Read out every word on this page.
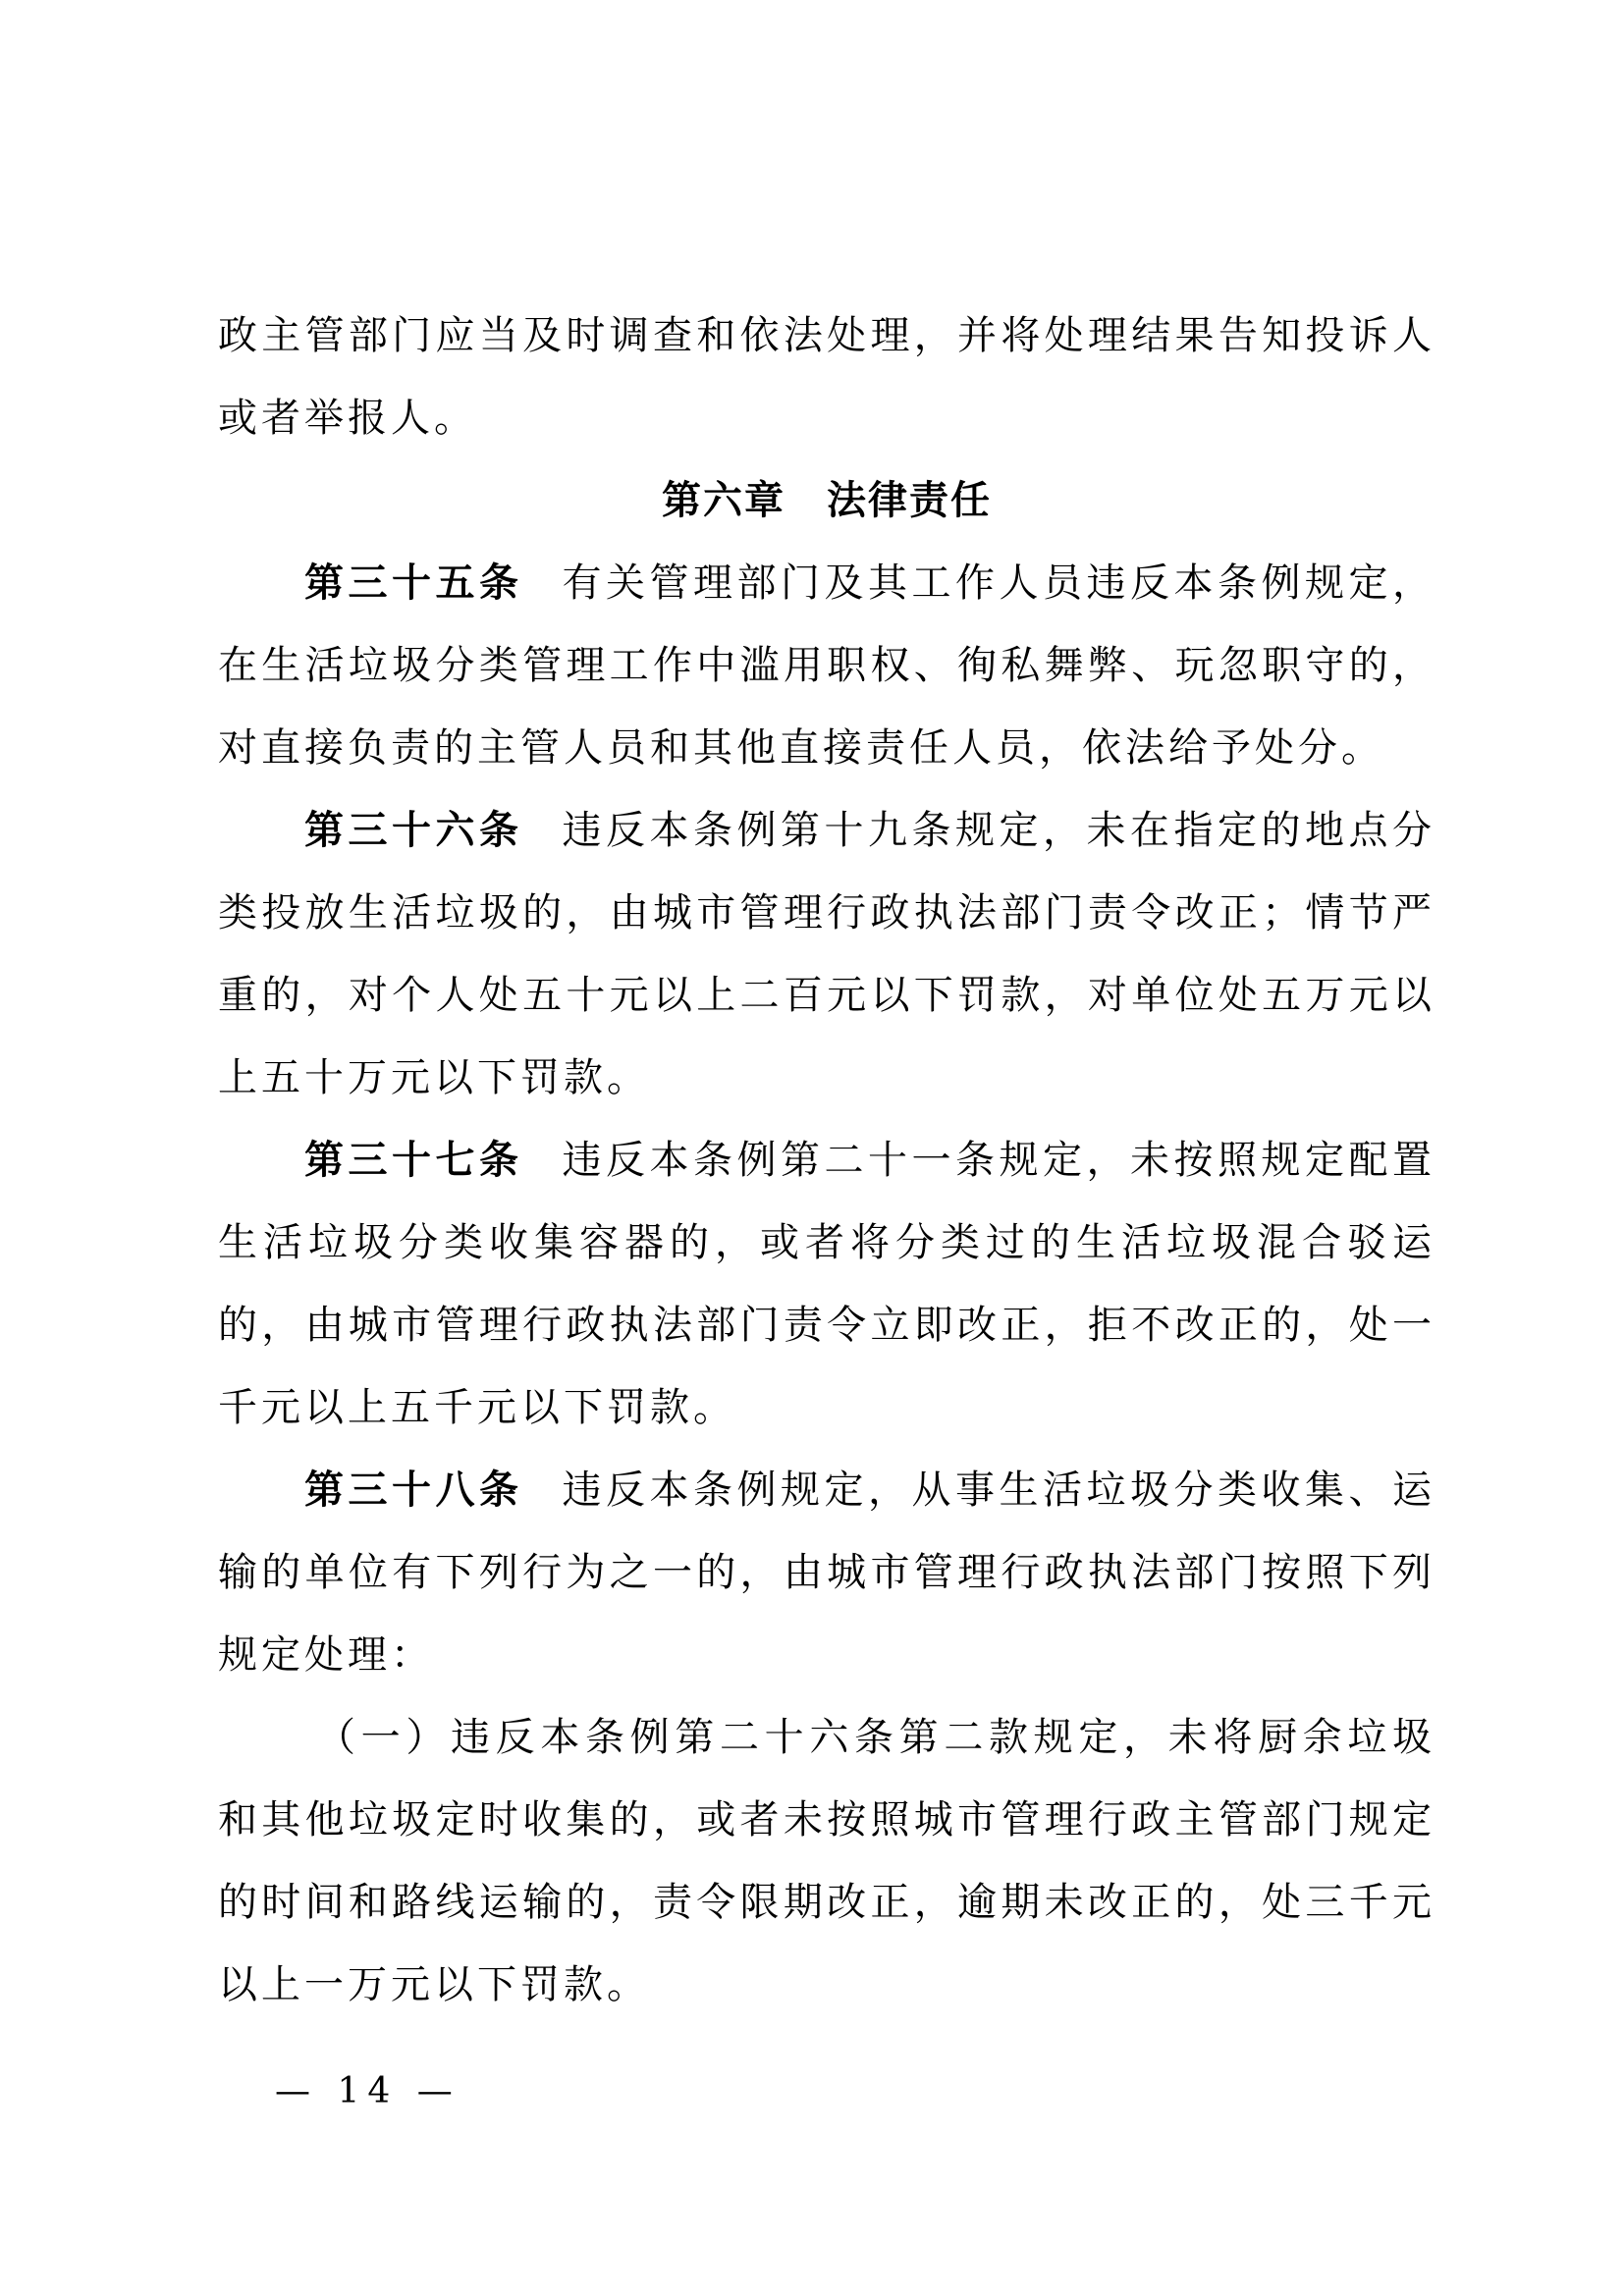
政主管部门应当及时调查和依法处理，并将处理结果告知投诉人或者举报人。

第六章　法律责任

第三十五条 有关管理部门及其工作人员违反本条例规定，在生活垃圾分类管理工作中滥用职权、徇私舞弊、玩忽职守的，对直接负责的主管人员和其他直接责任人员，依法给予处分。

第三十六条 违反本条例第十九条规定，未在指定的地点分类投放生活垃圾的，由城市管理行政执法部门责令改正；情节严重的，对个人处五十元以上二百元以下罚款，对单位处五万元以上五十万元以下罚款。

第三十七条 违反本条例第二十一条规定，未按照规定配置生活垃圾分类收集容器的，或者将分类过的生活垃圾混合驳运的，由城市管理行政执法部门责令立即改正，拒不改正的，处一千元以上五千元以下罚款。

第三十八条 违反本条例规定，从事生活垃圾分类收集、运输的单位有下列行为之一的，由城市管理行政执法部门按照下列规定处理：

（一）违反本条例第二十六条第二款规定，未将厨余垃圾和其他垃圾定时收集的，或者未按照城市管理行政主管部门规定的时间和路线运输的，责令限期改正，逾期未改正的，处三千元以上一万元以下罚款。

— 14 —
